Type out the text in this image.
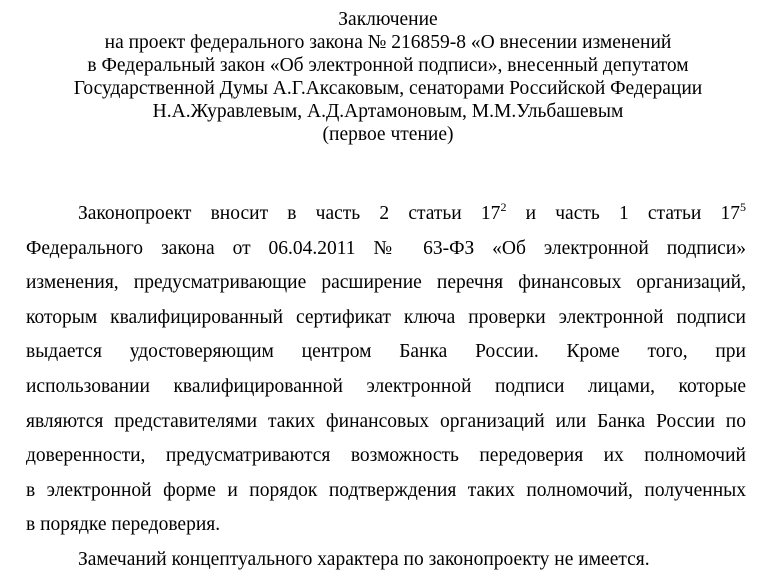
Заключение
на проект федерального закона № 216859-8 «О внесении изменений
в Федеральный закон «Об электронной подписи», внесенный депутатом
Государственной Думы А.Г.Аксаковым, сенаторами Российской Федерации
Н.А.Журавлевым, А.Д.Артамоновым, М.М.Ульбашевым
(первое чтение)
Законопроект вносит в часть 2 статьи $17^2$ и часть 1 статьи $17^5$
Федерального закона от 06.04.2011 № 63-ФЗ «Об электронной подписи»
изменения, предусматривающие расширение перечня финансовых организаций,
которым квалифицированный сертификат ключа проверки электронной подписи
выдается удостоверяющим центром Банка России. Кроме того, при
использовании квалифицированной электронной подписи лицами, которые
являются представителями таких финансовых организаций или Банка России по
доверенности, предусматриваются возможность передоверия их полномочий
в электронной форме и порядок подтверждения таких полномочий, полученных
в порядке передоверия.

Замечаний концептуального характера по законопроекту не имеется.
